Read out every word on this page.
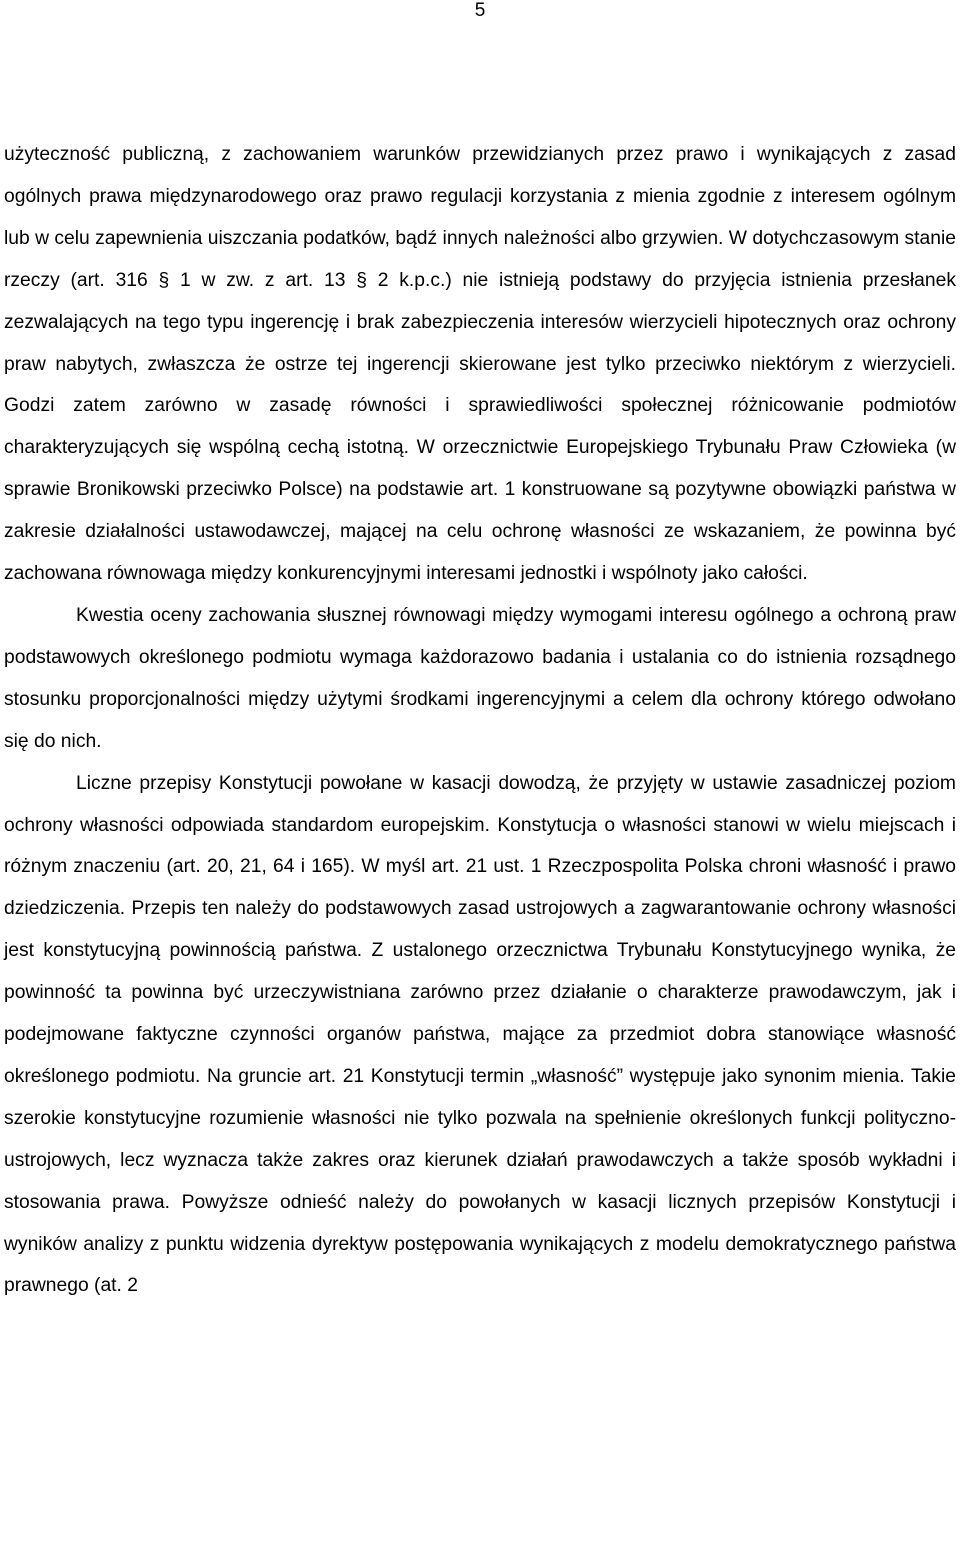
5

użyteczność publiczną, z zachowaniem warunków przewidzianych przez prawo i wynikających z zasad ogólnych prawa międzynarodowego oraz prawo regulacji korzystania z mienia zgodnie z interesem ogólnym lub w celu zapewnienia uiszczania podatków, bądź innych należności albo grzywien. W dotychczasowym stanie rzeczy (art. 316 § 1 w zw. z art. 13 § 2 k.p.c.) nie istnieją podstawy do przyjęcia istnienia przesłanek zezwalających na tego typu ingerencję i brak zabezpieczenia interesów wierzycieli hipotecznych oraz ochrony praw nabytych, zwłaszcza że ostrze tej ingerencji skierowane jest tylko przeciwko niektórym z wierzycieli. Godzi zatem zarówno w zasadę równości i sprawiedliwości społecznej różnicowanie podmiotów charakteryzujących się wspólną cechą istotną. W orzecznictwie Europejskiego Trybunału Praw Człowieka (w sprawie Bronikowski przeciwko Polsce) na podstawie art. 1 konstruowane są pozytywne obowiązki państwa w zakresie działalności ustawodawczej, mającej na celu ochronę własności ze wskazaniem, że powinna być zachowana równowaga między konkurencyjnymi interesami jednostki i wspólnoty jako całości.

Kwestia oceny zachowania słusznej równowagi między wymogami interesu ogólnego a ochroną praw podstawowych określonego podmiotu wymaga każdorazowo badania i ustalania co do istnienia rozsądnego stosunku proporcjonalności między użytymi środkami ingerencyjnymi a celem dla ochrony którego odwołano się do nich.

Liczne przepisy Konstytucji powołane w kasacji dowodzą, że przyjęty w ustawie zasadniczej poziom ochrony własności odpowiada standardom europejskim. Konstytucja o własności stanowi w wielu miejscach i różnym znaczeniu (art. 20, 21, 64 i 165). W myśl art. 21 ust. 1 Rzeczpospolita Polska chroni własność i prawo dziedziczenia. Przepis ten należy do podstawowych zasad ustrojowych a zagwarantowanie ochrony własności jest konstytucyjną powinnością państwa. Z ustalonego orzecznictwa Trybunału Konstytucyjnego wynika, że powinność ta powinna być urzeczywistniana zarówno przez działanie o charakterze prawodawczym, jak i podejmowane faktyczne czynności organów państwa, mające za przedmiot dobra stanowiące własność określonego podmiotu. Na gruncie art. 21 Konstytucji termin „własność” występuje jako synonim mienia. Takie szerokie konstytucyjne rozumienie własności nie tylko pozwala na spełnienie określonych funkcji polityczno-ustrojowych, lecz wyznacza także zakres oraz kierunek działań prawodawczych a także sposób wykładni i stosowania prawa. Powyższe odnieść należy do powołanych w kasacji licznych przepisów Konstytucji i wyników analizy z punktu widzenia dyrektyw postępowania wynikających z modelu demokratycznego państwa prawnego (at. 2
